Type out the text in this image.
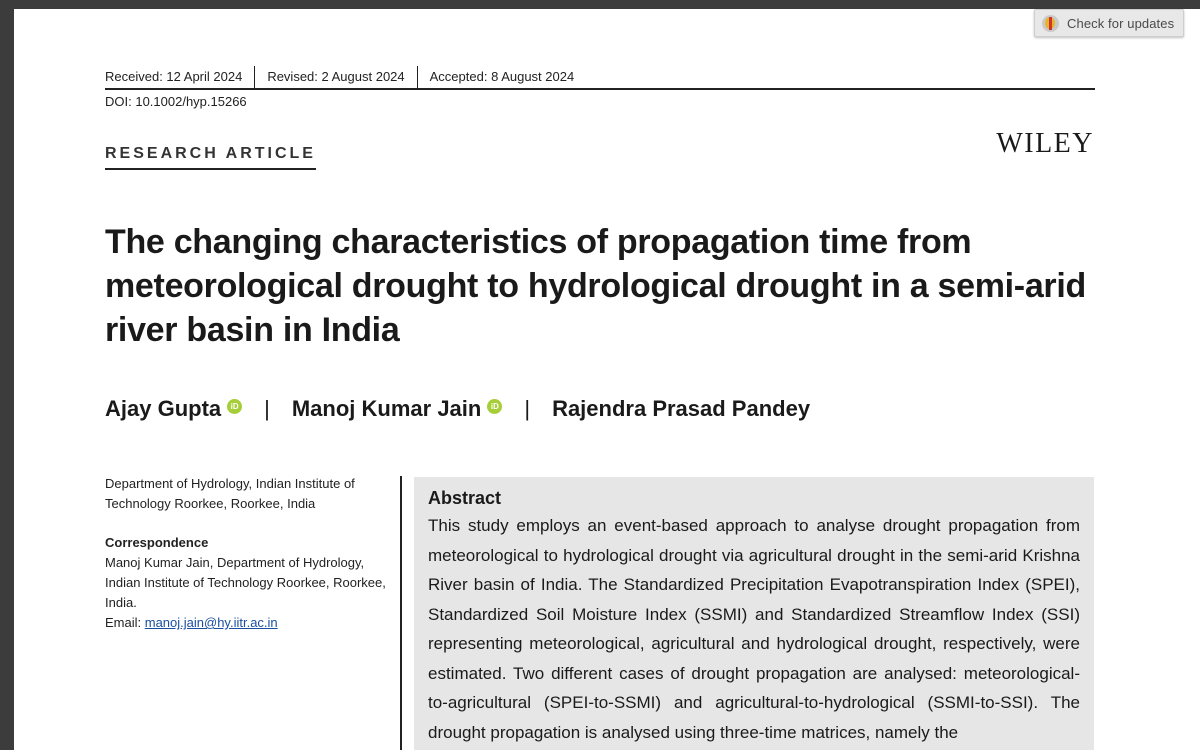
Check for updates
Received: 12 April 2024	Revised: 2 August 2024	Accepted: 8 August 2024
DOI: 10.1002/hyp.15266
RESEARCH ARTICLE	WILEY
The changing characteristics of propagation time from meteorological drought to hydrological drought in a semi-arid river basin in India
Ajay Gupta	iD | Manoj Kumar Jain	iD | Rajendra Prasad Pandey

Department of Hydrology, Indian Institute of Technology Roorkee, Roorkee, India

Correspondence

Manoj Kumar Jain, Department of Hydrology, Indian Institute of Technology Roorkee, Roorkee, India.

Email: manoj.jain@hy.iitr.ac.in

Abstract

This study employs an event-based approach to analyse drought propagation from meteorological to hydrological drought via agricultural drought in the semi-arid Krishna River basin of India. The Standardized Precipitation Evapotranspiration Index (SPEI), Standardized Soil Moisture Index (SSMI) and Standardized Streamflow Index (SSI) representing meteorological, agricultural and hydrological drought, respectively, were estimated. Two different cases of drought propagation are analysed: meteorological-to-agricultural (SPEI-to-SSMI) and agricultural-to-hydrological (SSMI-to-SSI). The drought propagation is analysed using three-time matrices, namely the
